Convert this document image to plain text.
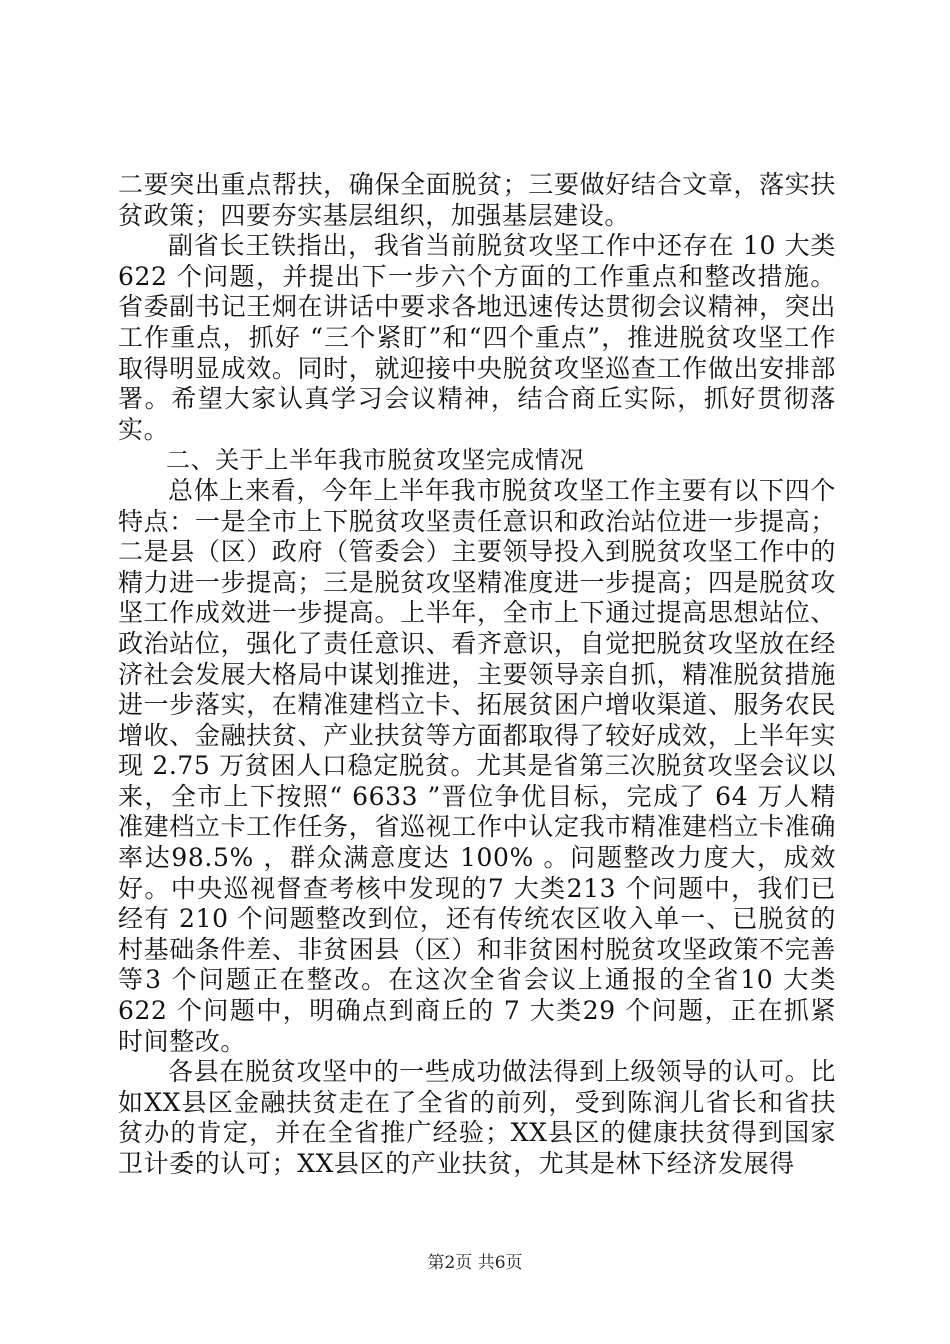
二要突出重点帮扶，确保全面脱贫；三要做好结合文章，落实扶贫政策；四要夯实基层组织，加强基层建设。

副省长王铁指出，我省当前脱贫攻坚工作中还存在 10 大类622 个问题，并提出下一步六个方面的工作重点和整改措施。省委副书记王炯在讲话中要求各地迅速传达贯彻会议精神，突出工作重点，抓好 “三个紧盯”和“四个重点”，推进脱贫攻坚工作取得明显成效。同时，就迎接中央脱贫攻坚巡查工作做出安排部署。希望大家认真学习会议精神，结合商丘实际，抓好贯彻落实。

二、关于上半年我市脱贫攻坚完成情况

总体上来看，今年上半年我市脱贫攻坚工作主要有以下四个特点：一是全市上下脱贫攻坚责任意识和政治站位进一步提高；二是县（区）政府（管委会）主要领导投入到脱贫攻坚工作中的精力进一步提高；三是脱贫攻坚精准度进一步提高；四是脱贫攻坚工作成效进一步提高。上半年，全市上下通过提高思想站位、政治站位，强化了责任意识、看齐意识，自觉把脱贫攻坚放在经济社会发展大格局中谋划推进，主要领导亲自抓，精准脱贫措施进一步落实，在精准建档立卡、拓展贫困户增收渠道、服务农民增收、金融扶贫、产业扶贫等方面都取得了较好成效，上半年实现 2.75 万贫困人口稳定脱贫。尤其是省第三次脱贫攻坚会议以来，全市上下按照“ 6633 ”晋位争优目标，完成了 64 万人精准建档立卡工作任务，省巡视工作中认定我市精准建档立卡准确率达98.5% ，群众满意度达 100% 。问题整改力度大，成效好。中央巡视督查考核中发现的7 大类213 个问题中，我们已经有 210 个问题整改到位，还有传统农区收入单一、已脱贫的村基础条件差、非贫困县（区）和非贫困村脱贫攻坚政策不完善等3 个问题正在整改。在这次全省会议上通报的全省10 大类622 个问题中，明确点到商丘的 7 大类29 个问题，正在抓紧时间整改。

各县在脱贫攻坚中的一些成功做法得到上级领导的认可。比如XX县区金融扶贫走在了全省的前列，受到陈润儿省长和省扶贫办的肯定，并在全省推广经验；XX县区的健康扶贫得到国家卫计委的认可；XX县区的产业扶贫，尤其是林下经济发展得

第2页 共6页
